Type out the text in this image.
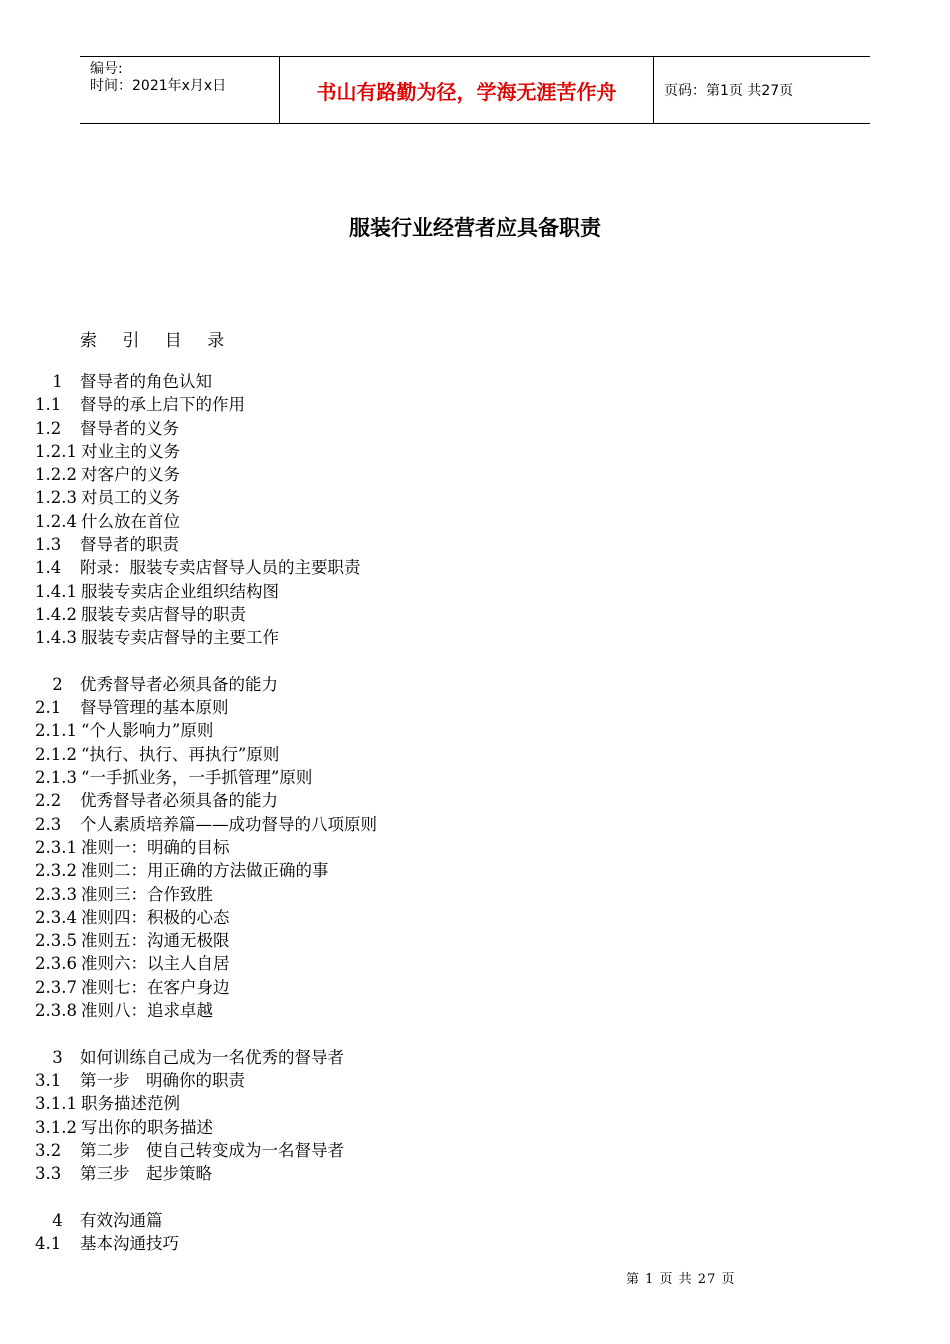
编号:
时间：2021年x月x日	书山有路勤为径，学海无涯苦作舟	页码：第1页 共27页
服装行业经营者应具备职责
索 引 目 录
1	督导者的角色认知
1.1	督导的承上启下的作用
1.2	督导者的义务
1.2.1 对业主的义务
1.2.2 对客户的义务
1.2.3 对员工的义务
1.2.4 什么放在首位
1.3	督导者的职责
1.4	附录：服装专卖店督导人员的主要职责
1.4.1 服装专卖店企业组织结构图
1.4.2 服装专卖店督导的职责
1.4.3 服装专卖店督导的主要工作
2	优秀督导者必须具备的能力
2.1	督导管理的基本原则
2.1.1 “个人影响力”原则
2.1.2 “执行、执行、再执行”原则
2.1.3 “一手抓业务，一手抓管理”原则
2.2	优秀督导者必须具备的能力
2.3	个人素质培养篇——成功督导的八项原则
2.3.1 准则一：明确的目标
2.3.2 准则二：用正确的方法做正确的事
2.3.3 准则三：合作致胜
2.3.4 准则四：积极的心态
2.3.5 准则五：沟通无极限
2.3.6 准则六：以主人自居
2.3.7 准则七：在客户身边
2.3.8 准则八：追求卓越
3	如何训练自己成为一名优秀的督导者
3.1	第一步　明确你的职责
3.1.1 职务描述范例
3.1.2 写出你的职务描述
3.2	第二步　使自己转变成为一名督导者
3.3	第三步　起步策略
4	有效沟通篇
4.1	基本沟通技巧
第 1 页 共 27 页
